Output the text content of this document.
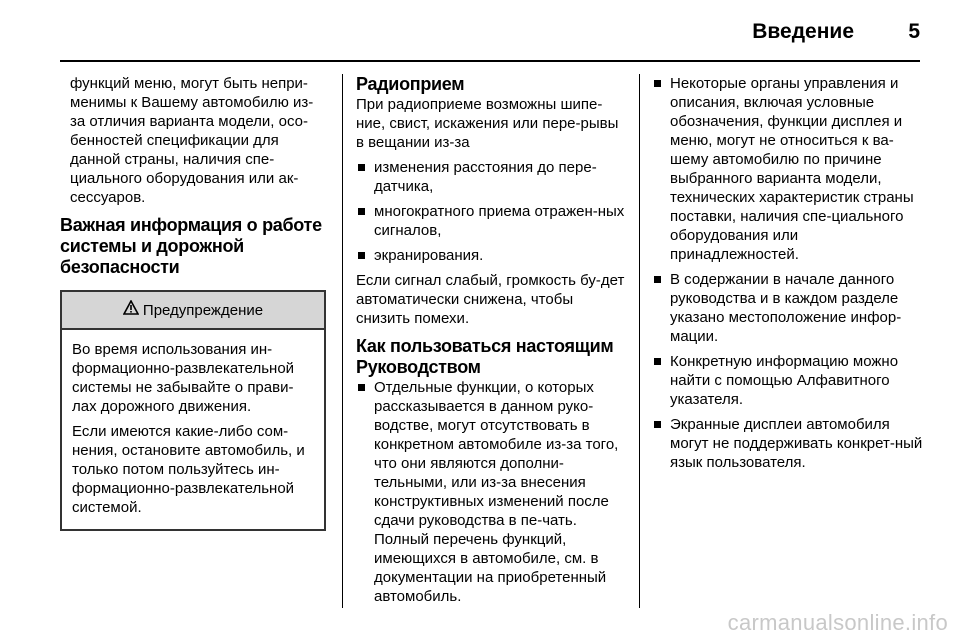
Введение	5

функций меню, могут быть непри-менимы к Вашему автомобилю из-за отличия варианта модели, осо-бенностей спецификации для данной страны, наличия спе-циального оборудования или ак-сессуаров.

Важная информация о работе системы и дорожной безопасности
Предупреждение

Во время использования ин-формационно-развлекательной системы не забывайте о прави-лах дорожного движения.

Если имеются какие-либо сом-нения, остановите автомобиль, и только потом пользуйтесь ин-формационно-развлекательной системой.

Радиоприем

При радиоприеме возможны шипе-ние, свист, искажения или пере-рывы в вещании из-за

изменения расстояния до пере-датчика,
многократного приема отражен-ных сигналов,
экранирования.

Если сигнал слабый, громкость бу-дет автоматически снижена, чтобы снизить помехи.

Как пользоваться настоящим Руководством
Отдельные функции, о которых рассказывается в данном руко-водстве, могут отсутствовать в конкретном автомобиле из-за того, что они являются дополни-тельными, или из-за внесения конструктивных изменений после сдачи руководства в пе-чать. Полный перечень функций, имеющихся в автомобиле, см. в документации на приобретенный автомобиль.
Некоторые органы управления и описания, включая условные обозначения, функции дисплея и меню, могут не относиться к ва-шему автомобилю по причине выбранного варианта модели, технических характеристик страны поставки, наличия спе-циального оборудования или принадлежностей.
В содержании в начале данного руководства и в каждом разделе указано местоположение инфор-мации.
Конкретную информацию можно найти с помощью Алфавитного указателя.
Экранные дисплеи автомобиля могут не поддерживать конкрет-ный язык пользователя.
carmanualsonline.info
